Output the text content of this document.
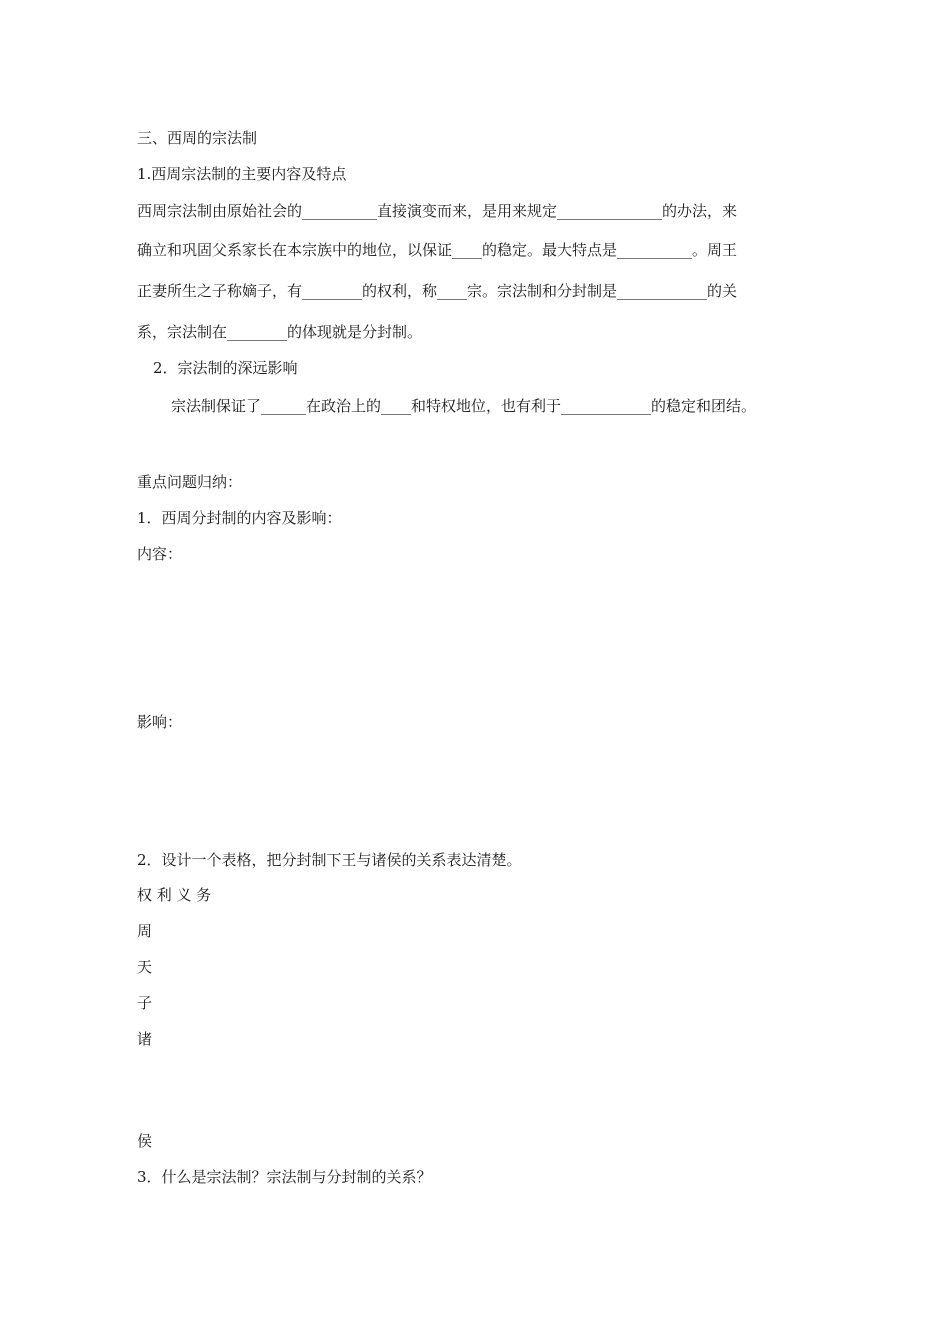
三、西周的宗法制
1.西周宗法制的主要内容及特点
西周宗法制由原始社会的__________直接演变而来，是用来规定______________的办法，来
确立和巩固父系家长在本宗族中的地位，以保证____的稳定。最大特点是__________。周王
正妻所生之子称嫡子，有________的权利，称____宗。宗法制和分封制是____________的关
系，宗法制在________的体现就是分封制。
2．宗法制的深远影响
宗法制保证了______在政治上的____和特权地位，也有利于____________的稳定和团结。
重点问题归纳：
1．西周分封制的内容及影响：
内容：
影响：
2．设计一个表格，把分封制下王与诸侯的关系表达清楚。
权 利 义 务
周
天
子
诸
侯
3．什么是宗法制？宗法制与分封制的关系？
